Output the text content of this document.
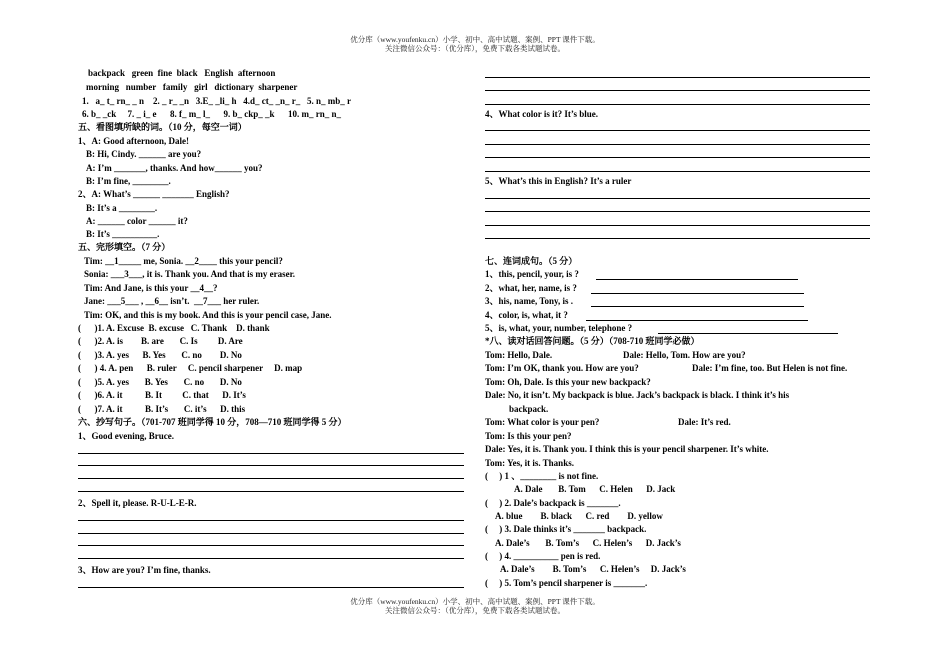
优分库（www.youfenku.cn）小学、初中、高中试题、案例、PPT 课件下载。
关注微信公众号：（优分库），免费下载各类试题试卷。
backpack   green  fine  black   English  afternoon
morning   number   family   girl   dictionary  sharpener
1.   a_ t_ rn_ _ n    2. _ r_ _n   3.E_ _li_ h   4.d_ ct_ _n_ r_   5. n_ mb_ r
6. b_ _ck     7. _ i_ e      8. f_ m_ l_      9. b_ ckp_ _k      10. m_ rn_ n_
五、看图填所缺的词。（10 分，每空一词）
1、A: Good afternoon, Dale!
B: Hi, Cindy. ______ are you?
A: I’m _______, thanks. And how______ you?
B: I’m fine, ________.
2、A: What’s ______ _______ English?
B: It’s a ________.
A: ______ color ______ it?
B: It’s __________.
五、完形填空。（7 分）
Tim: __1_____ me, Sonia. __2____ this your pencil?
Sonia: ___3___, it is. Thank you. And that is my eraser.
Tim: And Jane, is this your __4__?
Jane: ___5___ , __6__ isn’t.  __7___ her ruler.
Tim: OK, and this is my book. And this is your pencil case, Jane.
(      )1. A. Excuse  B. excuse   C. Thank    D. thank
(      )2. A. is        B. are       C. Is         D. Are
(      )3. A. yes      B. Yes       C. no        D. No
(      ) 4. A. pen      B. ruler     C. pencil sharpener     D. map
(      )5. A. yes       B. Yes       C. no       D. No
(      )6. A. it          B. It         C. that      D. It’s
(      )7. A. it          B. It’s       C. it’s      D. this
六、抄写句子。（701-707 班同学得 10 分，708—710 班同学得 5 分）
1、Good evening, Bruce.
2、Spell it, please. R-U-L-E-R.
3、How are you? I’m fine, thanks.
4、What color is it? It’s blue.
5、What’s this in English? It’s a ruler
七、连词成句。（5 分）
1、this, pencil, your, is ?
2、what, her, name, is ?
3、his, name, Tony, is .
4、color, is, what, it ?
5、is, what, your, number, telephone ?
*八、读对话回答问题。（5 分）（708-710 班同学必做）
Tom: Hello, Dale.	Dale: Hello, Tom. How are you?
Tom: I’m OK, thank you. How are you?	Dale: I’m fine, too. But Helen is not fine.
Tom: Oh, Dale. Is this your new backpack?
Dale: No, it isn’t. My backpack is blue. Jack’s backpack is black. I think it’s his
backpack.
Tom: What color is your pen?	Dale: It’s red.
Tom: Is this your pen?
Dale: Yes, it is. Thank you. I think this is your pencil sharpener. It’s white.
Tom: Yes, it is. Thanks.
(     ) 1 、________ is not fine.
A. Dale       B. Tom      C. Helen      D. Jack
(     ) 2. Dale’s backpack is _______.
A. blue        B. black      C. red        D. yellow
(     ) 3. Dale thinks it’s _______ backpack.
A. Dale’s       B. Tom’s      C. Helen’s      D. Jack’s
(     ) 4. __________ pen is red.
A. Dale’s        B. Tom’s      C. Helen’s     D. Jack’s
(     ) 5. Tom’s pencil sharpener is _______.
优分库（www.youfenku.cn）小学、初中、高中试题、案例、PPT 课件下载。
关注微信公众号：（优分库），免费下载各类试题试卷。
